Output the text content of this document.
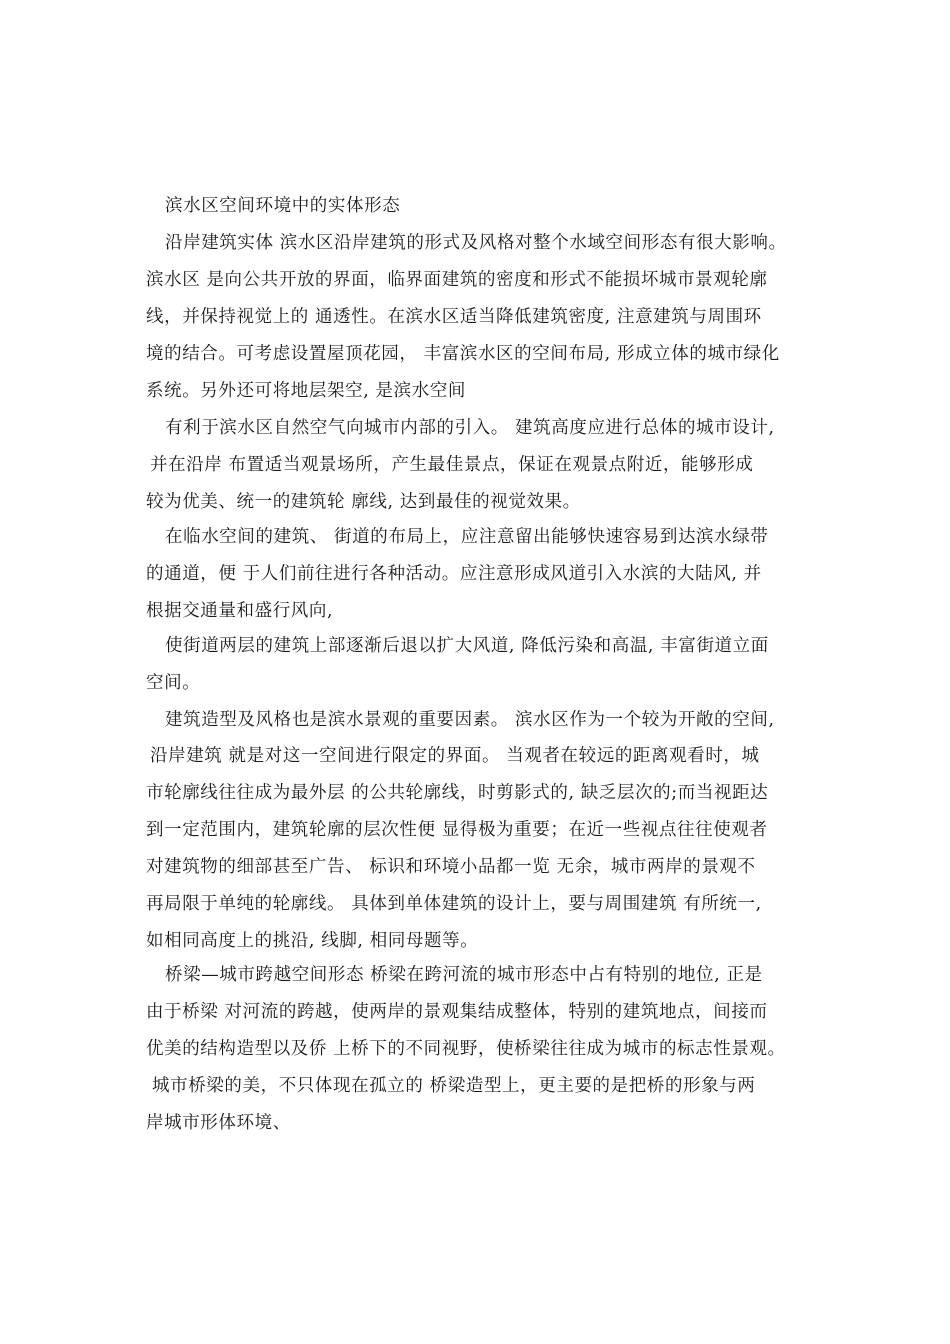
滨水区空间环境中的实体形态
沿岸建筑实体 滨水区沿岸建筑的形式及风格对整个水域空间形态有很大影响。
滨水区 是向公共开放的界面，临界面建筑的密度和形式不能损坏城市景观轮廓
线，并保持视觉上的 通透性。在滨水区适当降低建筑密度, 注意建筑与周围环
境的结合。可考虑设置屋顶花园， 丰富滨水区的空间布局, 形成立体的城市绿化
系统。另外还可将地层架空, 是滨水空间
有利于滨水区自然空气向城市内部的引入。 建筑高度应进行总体的城市设计,
并在沿岸 布置适当观景场所，产生最佳景点，保证在观景点附近，能够形成
较为优美、统一的建筑轮 廓线, 达到最佳的视觉效果。
在临水空间的建筑、 街道的布局上，应注意留出能够快速容易到达滨水绿带
的通道，便 于人们前往进行各种活动。应注意形成风道引入水滨的大陆风, 并
根据交通量和盛行风向,
使街道两层的建筑上部逐渐后退以扩大风道, 降低污染和高温, 丰富街道立面
空间。
建筑造型及风格也是滨水景观的重要因素。 滨水区作为一个较为开敞的空间,
沿岸建筑 就是对这一空间进行限定的界面。 当观者在较远的距离观看时，城
市轮廓线往往成为最外层 的公共轮廓线，时剪影式的, 缺乏层次的;而当视距达
到一定范围内，建筑轮廓的层次性便 显得极为重要；在近一些视点往往使观者
对建筑物的细部甚至广告、 标识和环境小品都一览 无余，城市两岸的景观不
再局限于单纯的轮廓线。 具体到单体建筑的设计上，要与周围建筑 有所统一,
如相同高度上的挑沿, 线脚, 相同母题等。
桥梁—城市跨越空间形态 桥梁在跨河流的城市形态中占有特别的地位, 正是
由于桥梁 对河流的跨越，使两岸的景观集结成整体，特别的建筑地点，间接而
优美的结构造型以及侨 上桥下的不同视野，使桥梁往往成为城市的标志性景观。
城市桥梁的美，不只体现在孤立的 桥梁造型上，更主要的是把桥的形象与两
岸城市形体环境、
